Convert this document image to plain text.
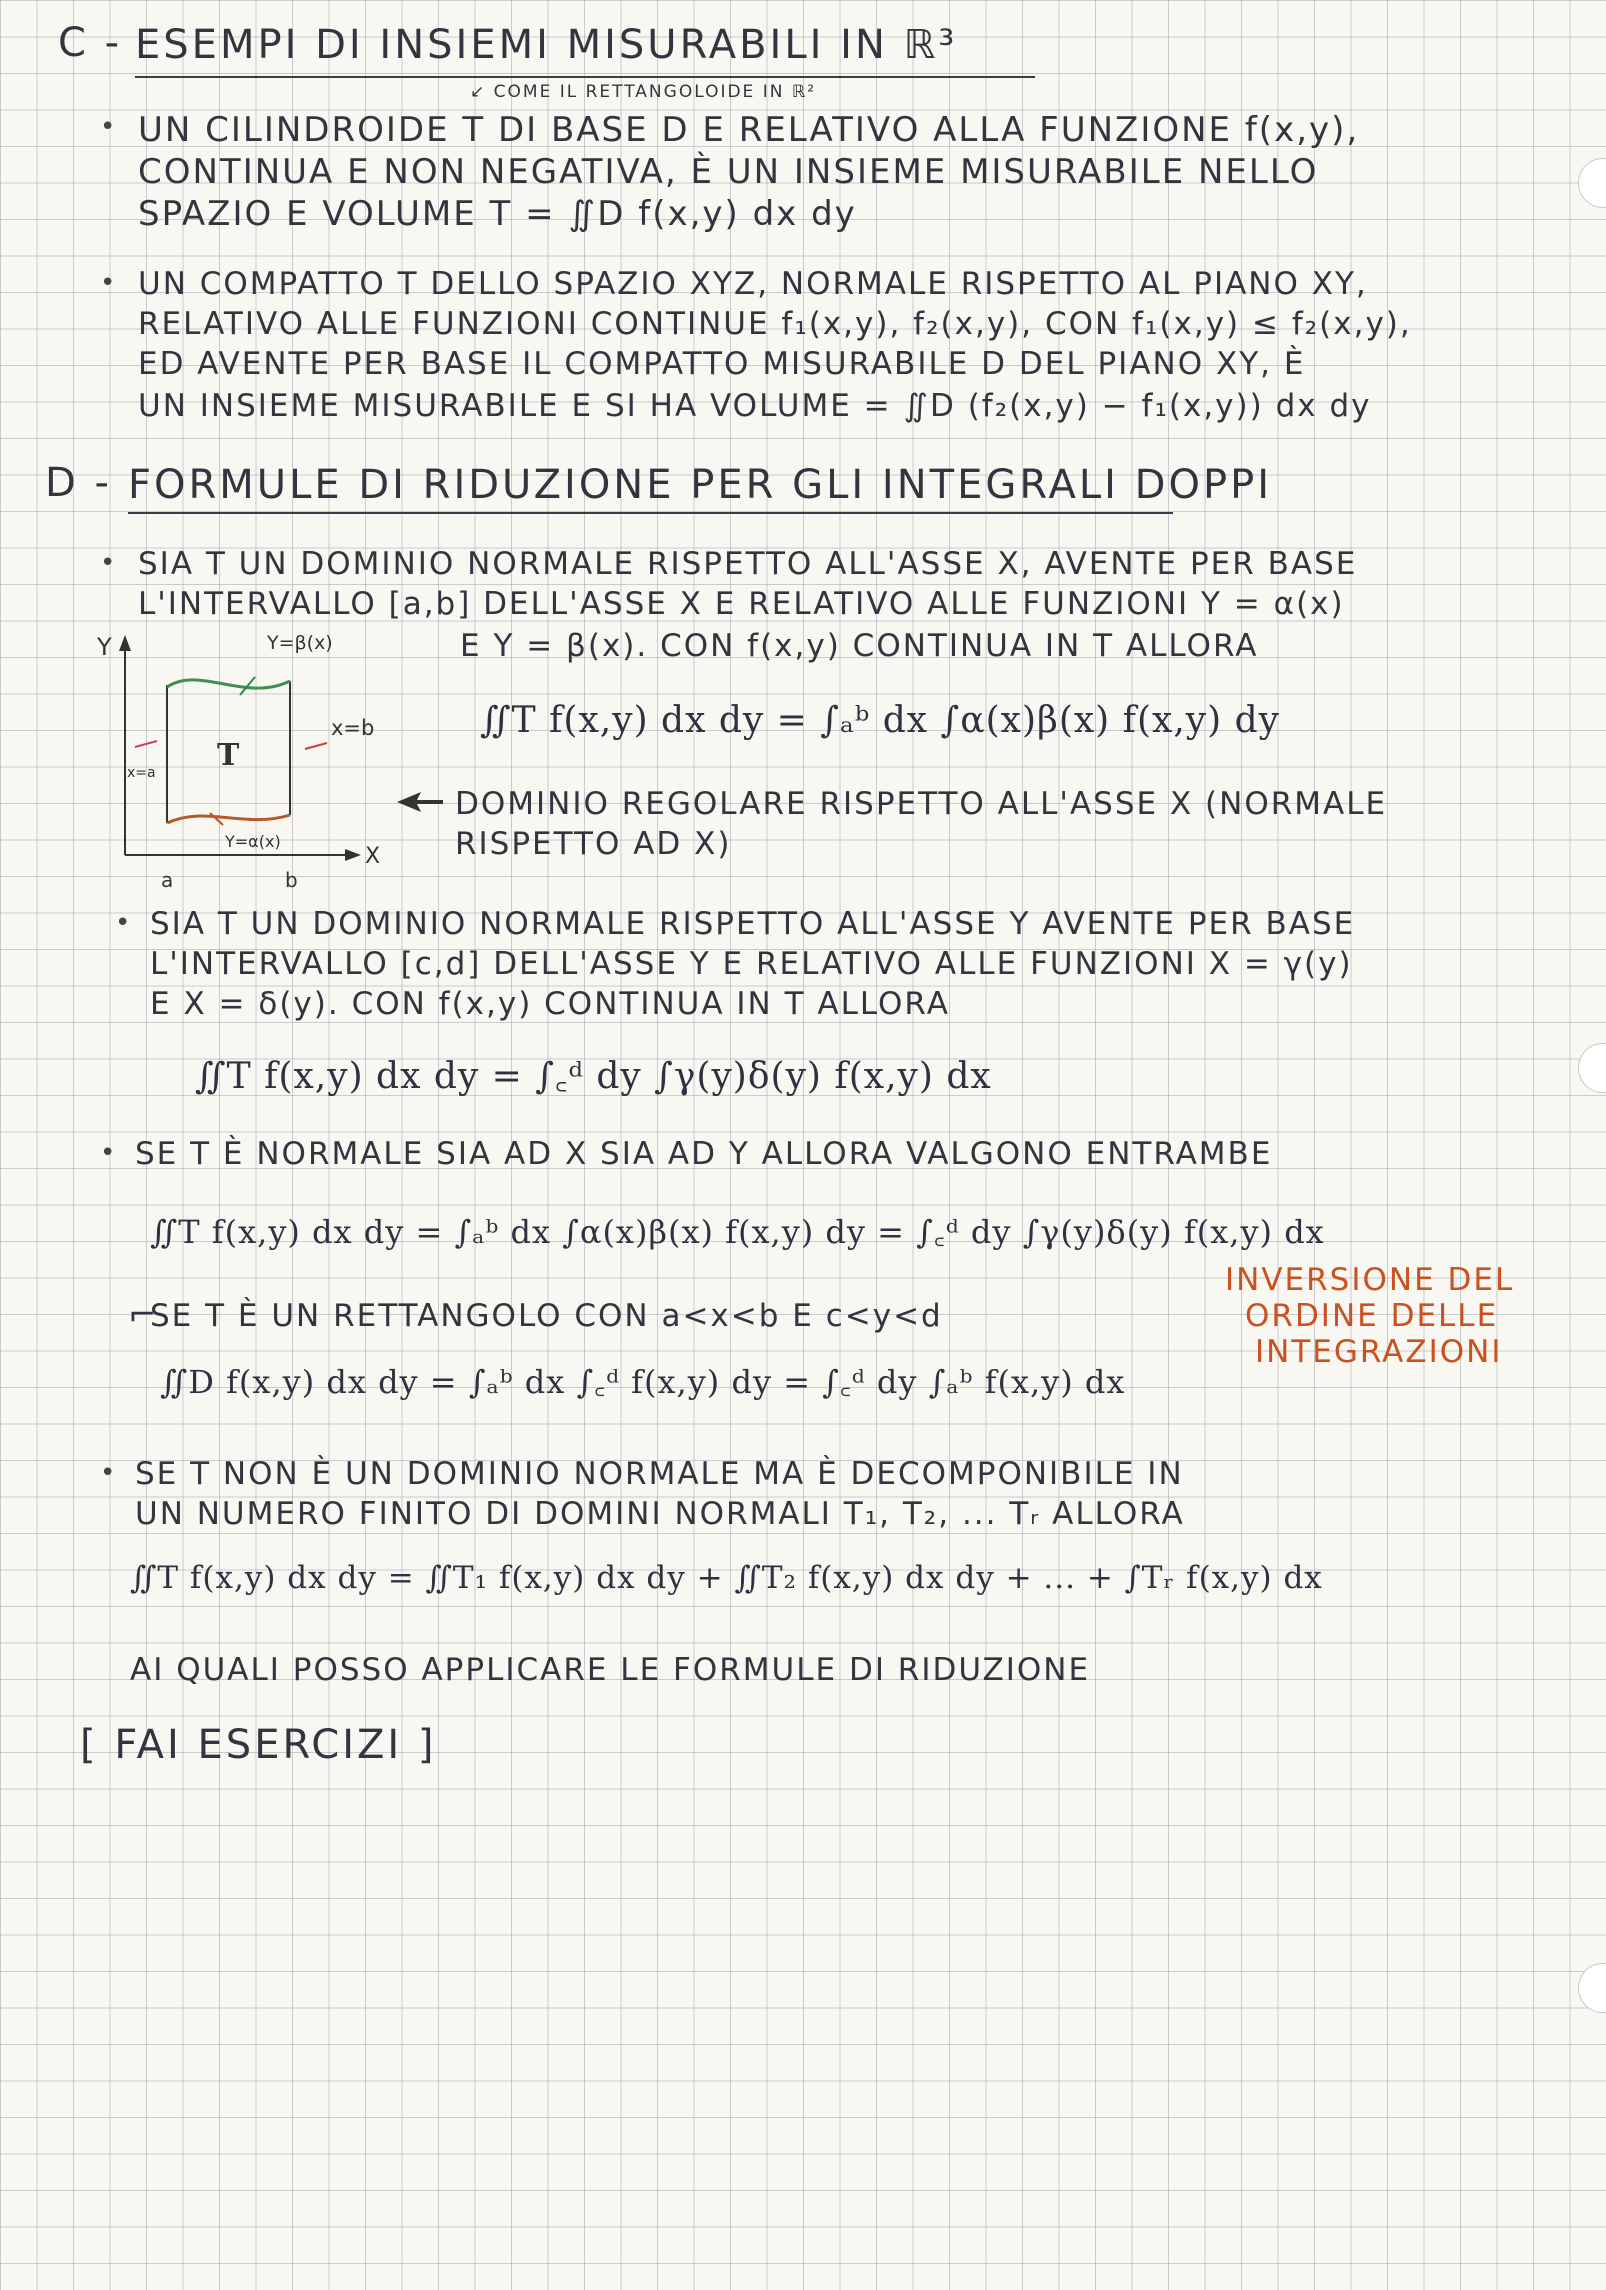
C - ESEMPI DI INSIEMI MISURABILI IN ℝ³
↙ COME IL RETTANGOLOIDE IN ℝ²
• UN CILINDROIDE T DI BASE D E RELATIVO ALLA FUNZIONE f(x,y),
CONTINUA E NON NEGATIVA, È UN INSIEME MISURABILE NELLO
SPAZIO E VOLUME T = ∬D f(x,y) dx dy
• UN COMPATTO T DELLO SPAZIO XYZ, NORMALE RISPETTO AL PIANO XY,
RELATIVO ALLE FUNZIONI CONTINUE f₁(x,y), f₂(x,y), CON f₁(x,y) ≤ f₂(x,y),
ED AVENTE PER BASE IL COMPATTO MISURABILE D DEL PIANO XY, È
UN INSIEME MISURABILE E SI HA VOLUME = ∬D (f₂(x,y) − f₁(x,y)) dx dy
D - FORMULE DI RIDUZIONE PER GLI INTEGRALI DOPPI
• SIA T UN DOMINIO NORMALE RISPETTO ALL'ASSE X, AVENTE PER BASE
L'INTERVALLO [a,b] DELL'ASSE X E RELATIVO ALLE FUNZIONI Y = α(x)
E Y = β(x). CON f(x,y) CONTINUA IN T ALLORA
Y
X
Y=β(x)
x=b
x=a T
Y=α(x)
a	b
∬T f(x,y) dx dy = ∫ₐᵇ dx ∫α(x)β(x) f(x,y) dy
DOMINIO REGOLARE RISPETTO ALL'ASSE X (NORMALE
RISPETTO AD X)
• SIA T UN DOMINIO NORMALE RISPETTO ALL'ASSE Y AVENTE PER BASE
L'INTERVALLO [c,d] DELL'ASSE Y E RELATIVO ALLE FUNZIONI X = γ(y)
E X = δ(y). CON f(x,y) CONTINUA IN T ALLORA
∬T f(x,y) dx dy = ∫꜀ᵈ dy ∫γ(y)δ(y) f(x,y) dx
• SE T È NORMALE SIA AD X SIA AD Y ALLORA VALGONO ENTRAMBE
∬T f(x,y) dx dy = ∫ₐᵇ dx ∫α(x)β(x) f(x,y) dy = ∫꜀ᵈ dy ∫γ(y)δ(y) f(x,y) dx
⌐
SE T È UN RETTANGOLO CON a<x<b E c<y<d
∬D f(x,y) dx dy = ∫ₐᵇ dx ∫꜀ᵈ f(x,y) dy = ∫꜀ᵈ dy ∫ₐᵇ f(x,y) dx
INVERSIONE DEL
ORDINE DELLE
INTEGRAZIONI
• SE T NON È UN DOMINIO NORMALE MA È DECOMPONIBILE IN
UN NUMERO FINITO DI DOMINI NORMALI T₁, T₂, ... Tᵣ ALLORA
∬T f(x,y) dx dy = ∬T₁ f(x,y) dx dy + ∬T₂ f(x,y) dx dy + ... + ∫Tᵣ f(x,y) dx
AI QUALI POSSO APPLICARE LE FORMULE DI RIDUZIONE
[ FAI ESERCIZI ]
